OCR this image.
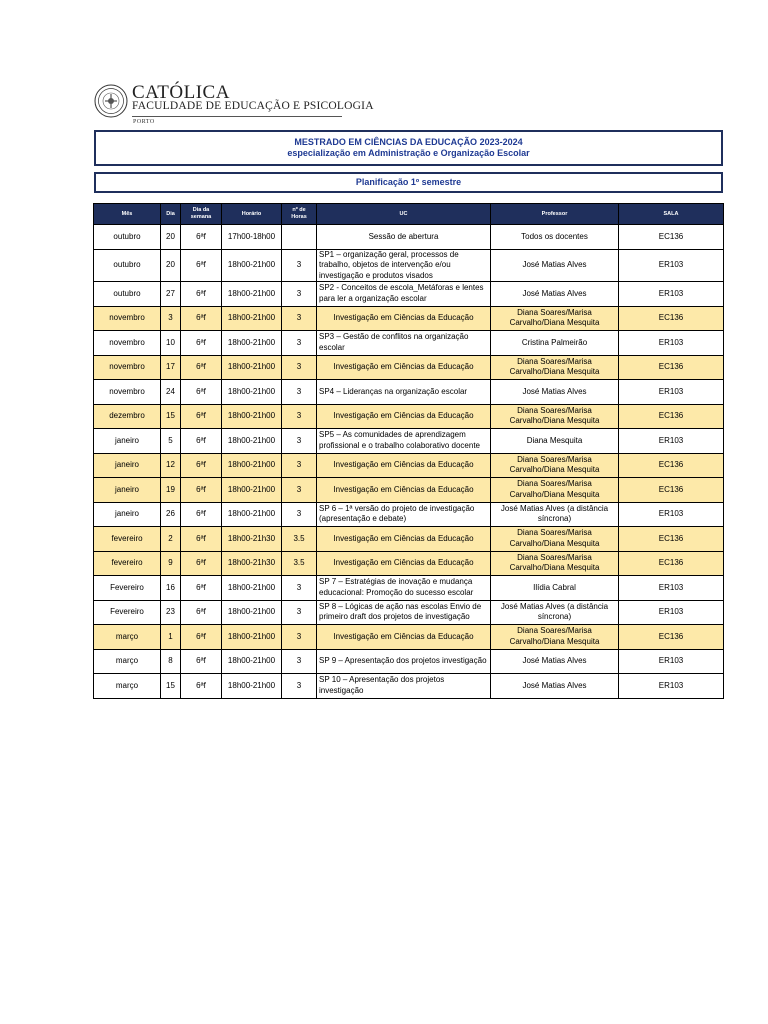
CATÓLICA
FACULDADE DE EDUCAÇÃO E PSICOLOGIA
PORTO
MESTRADO EM CIÊNCIAS DA EDUCAÇÃO 2023-2024
especialização em Administração e Organização Escolar
Planificação 1º semestre
Mês	Dia	Dia da semana	Horário	nº de Horas	UC	Professor	SALA
outubro	20	6ªf	17h00-18h00		Sessão de abertura	Todos os docentes	EC136
outubro	20	6ªf	18h00-21h00	3	SP1 – organização geral, processos de trabalho, objetos de intervenção e/ou investigação e produtos visados	José Matias Alves	ER103
outubro	27	6ªf	18h00-21h00	3	SP2 - Conceitos de escola_Metáforas e lentes para ler a organização escolar	José Matias Alves	ER103
novembro	3	6ªf	18h00-21h00	3	Investigação em Ciências da Educação	Diana Soares/Marisa Carvalho/Diana Mesquita	EC136
novembro	10	6ªf	18h00-21h00	3	SP3 – Gestão de conflitos na organização escolar	Cristina Palmeirão	ER103
novembro	17	6ªf	18h00-21h00	3	Investigação em Ciências da Educação	Diana Soares/Marisa Carvalho/Diana Mesquita	EC136
novembro	24	6ªf	18h00-21h00	3	SP4 – Lideranças na organização escolar	José Matias Alves	ER103
dezembro	15	6ªf	18h00-21h00	3	Investigação em Ciências da Educação	Diana Soares/Marisa Carvalho/Diana Mesquita	EC136
janeiro	5	6ªf	18h00-21h00	3	SP5 – As comunidades de aprendizagem profissional e o trabalho colaborativo docente	Diana Mesquita	ER103
janeiro	12	6ªf	18h00-21h00	3	Investigação em Ciências da Educação	Diana Soares/Marisa Carvalho/Diana Mesquita	EC136
janeiro	19	6ªf	18h00-21h00	3	Investigação em Ciências da Educação	Diana Soares/Marisa Carvalho/Diana Mesquita	EC136
janeiro	26	6ªf	18h00-21h00	3	SP 6 – 1ª versão do projeto de investigação (apresentação e debate)	José Matias Alves (a distância síncrona)	ER103
fevereiro	2	6ªf	18h00-21h30	3.5	Investigação em Ciências da Educação	Diana Soares/Marisa Carvalho/Diana Mesquita	EC136
fevereiro	9	6ªf	18h00-21h30	3.5	Investigação em Ciências da Educação	Diana Soares/Marisa Carvalho/Diana Mesquita	EC136
Fevereiro	16	6ªf	18h00-21h00	3	SP 7 – Estratégias de inovação e mudança educacional: Promoção do sucesso escolar	Ilídia Cabral	ER103
Fevereiro	23	6ªf	18h00-21h00	3	SP 8 – Lógicas de ação nas escolas Envio de primeiro draft dos projetos de investigação	José Matias Alves (a distância síncrona)	ER103
março	1	6ªf	18h00-21h00	3	Investigação em Ciências da Educação	Diana Soares/Marisa Carvalho/Diana Mesquita	EC136
março	8	6ªf	18h00-21h00	3	SP 9 – Apresentação dos projetos investigação	José Matias Alves	ER103
março	15	6ªf	18h00-21h00	3	SP 10 – Apresentação dos projetos investigação	José Matias Alves	ER103
